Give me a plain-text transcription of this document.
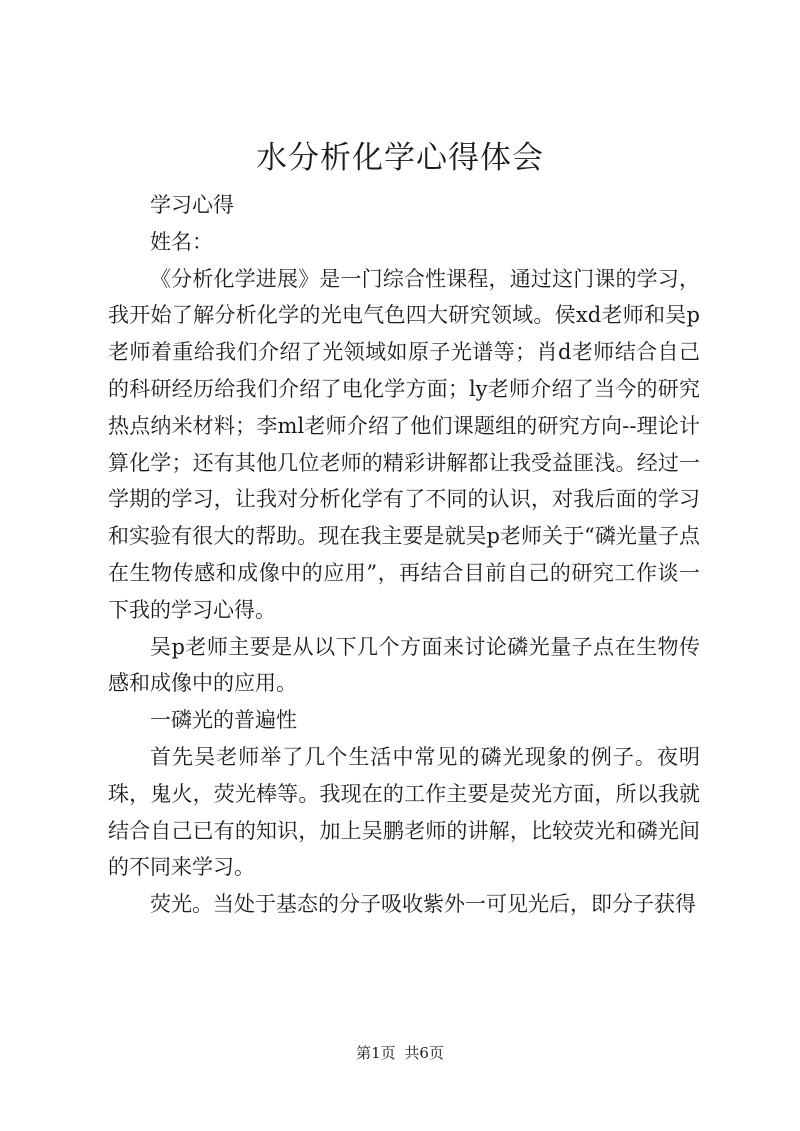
水分析化学心得体会

学习心得

姓名：

《分析化学进展》是一门综合性课程，通过这门课的学习，我开始了解分析化学的光电气色四大研究领域。侯xd老师和吴p老师着重给我们介绍了光领域如原子光谱等；肖d老师结合自己的科研经历给我们介绍了电化学方面；ly老师介绍了当今的研究热点纳米材料；李ml老师介绍了他们课题组的研究方向--理论计算化学；还有其他几位老师的精彩讲解都让我受益匪浅。经过一学期的学习，让我对分析化学有了不同的认识，对我后面的学习和实验有很大的帮助。现在我主要是就吴p老师关于“磷光量子点在生物传感和成像中的应用”，再结合目前自己的研究工作谈一下我的学习心得。

吴p老师主要是从以下几个方面来讨论磷光量子点在生物传感和成像中的应用。

一磷光的普遍性

首先吴老师举了几个生活中常见的磷光现象的例子。夜明珠，鬼火，荧光棒等。我现在的工作主要是荧光方面，所以我就结合自己已有的知识，加上吴鹏老师的讲解，比较荧光和磷光间的不同来学习。

荧光。当处于基态的分子吸收紫外一可见光后，即分子获得

第1页 共6页
